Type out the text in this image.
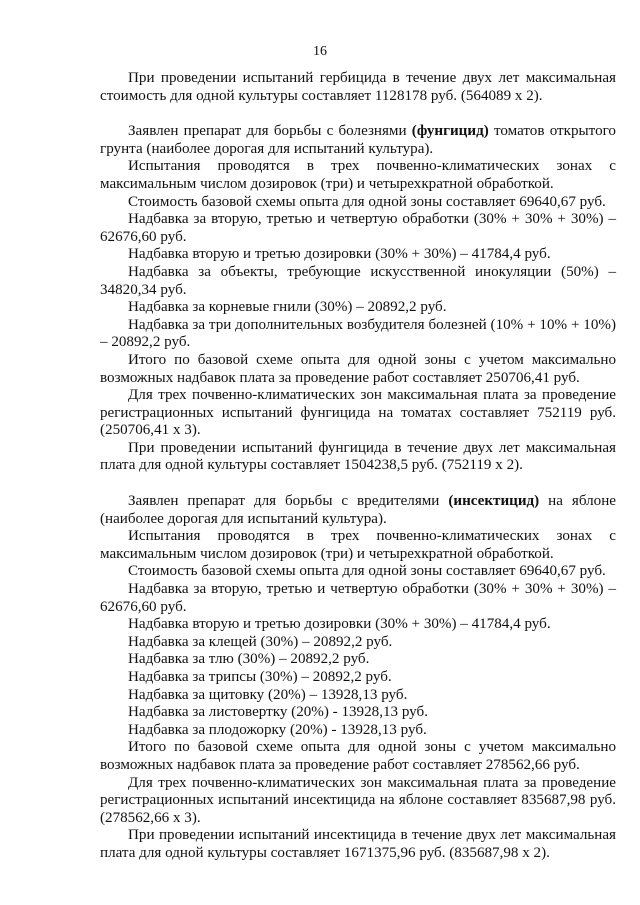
16

При проведении испытаний гербицида в течение двух лет максимальная стоимость для одной культуры составляет 1128178 руб. (564089 х 2).

Заявлен препарат для борьбы с болезнями (фунгицид) томатов открытого грунта (наиболее дорогая для испытаний культура).

Испытания проводятся в трех почвенно-климатических зонах с максимальным числом дозировок (три) и четырехкратной обработкой.

Стоимость базовой схемы опыта для одной зоны составляет 69640,67 руб.

Надбавка за вторую, третью и четвертую обработки (30% + 30% + 30%) – 62676,60 руб.

Надбавка вторую и третью дозировки (30% + 30%) – 41784,4 руб.

Надбавка за объекты, требующие искусственной инокуляции (50%) – 34820,34 руб.

Надбавка за корневые гнили (30%) – 20892,2 руб.

Надбавка за три дополнительных возбудителя болезней (10% + 10% + 10%) – 20892,2 руб.

Итого по базовой схеме опыта для одной зоны с учетом максимально возможных надбавок плата за проведение работ составляет 250706,41 руб.

Для трех почвенно-климатических зон максимальная плата за проведение регистрационных испытаний фунгицида на томатах составляет 752119 руб. (250706,41 х 3).

При проведении испытаний фунгицида в течение двух лет максимальная плата для одной культуры составляет 1504238,5 руб. (752119 х 2).

Заявлен препарат для борьбы с вредителями (инсектицид) на яблоне (наиболее дорогая для испытаний культура).

Испытания проводятся в трех почвенно-климатических зонах с максимальным числом дозировок (три) и четырехкратной обработкой.

Стоимость базовой схемы опыта для одной зоны составляет 69640,67 руб.

Надбавка за вторую, третью и четвертую обработки (30% + 30% + 30%) – 62676,60 руб.

Надбавка вторую и третью дозировки (30% + 30%) – 41784,4 руб.

Надбавка за клещей (30%) – 20892,2 руб.

Надбавка за тлю (30%) – 20892,2 руб.

Надбавка за трипсы (30%) – 20892,2 руб.

Надбавка за щитовку (20%) – 13928,13 руб.

Надбавка за листовертку (20%) - 13928,13 руб.

Надбавка за плодожорку (20%) - 13928,13 руб.

Итого по базовой схеме опыта для одной зоны с учетом максимально возможных надбавок плата за проведение работ составляет 278562,66 руб.

Для трех почвенно-климатических зон максимальная плата за проведение регистрационных испытаний инсектицида на яблоне составляет 835687,98 руб. (278562,66 х 3).

При проведении испытаний инсектицида в течение двух лет максимальная плата для одной культуры составляет 1671375,96 руб. (835687,98 х 2).
